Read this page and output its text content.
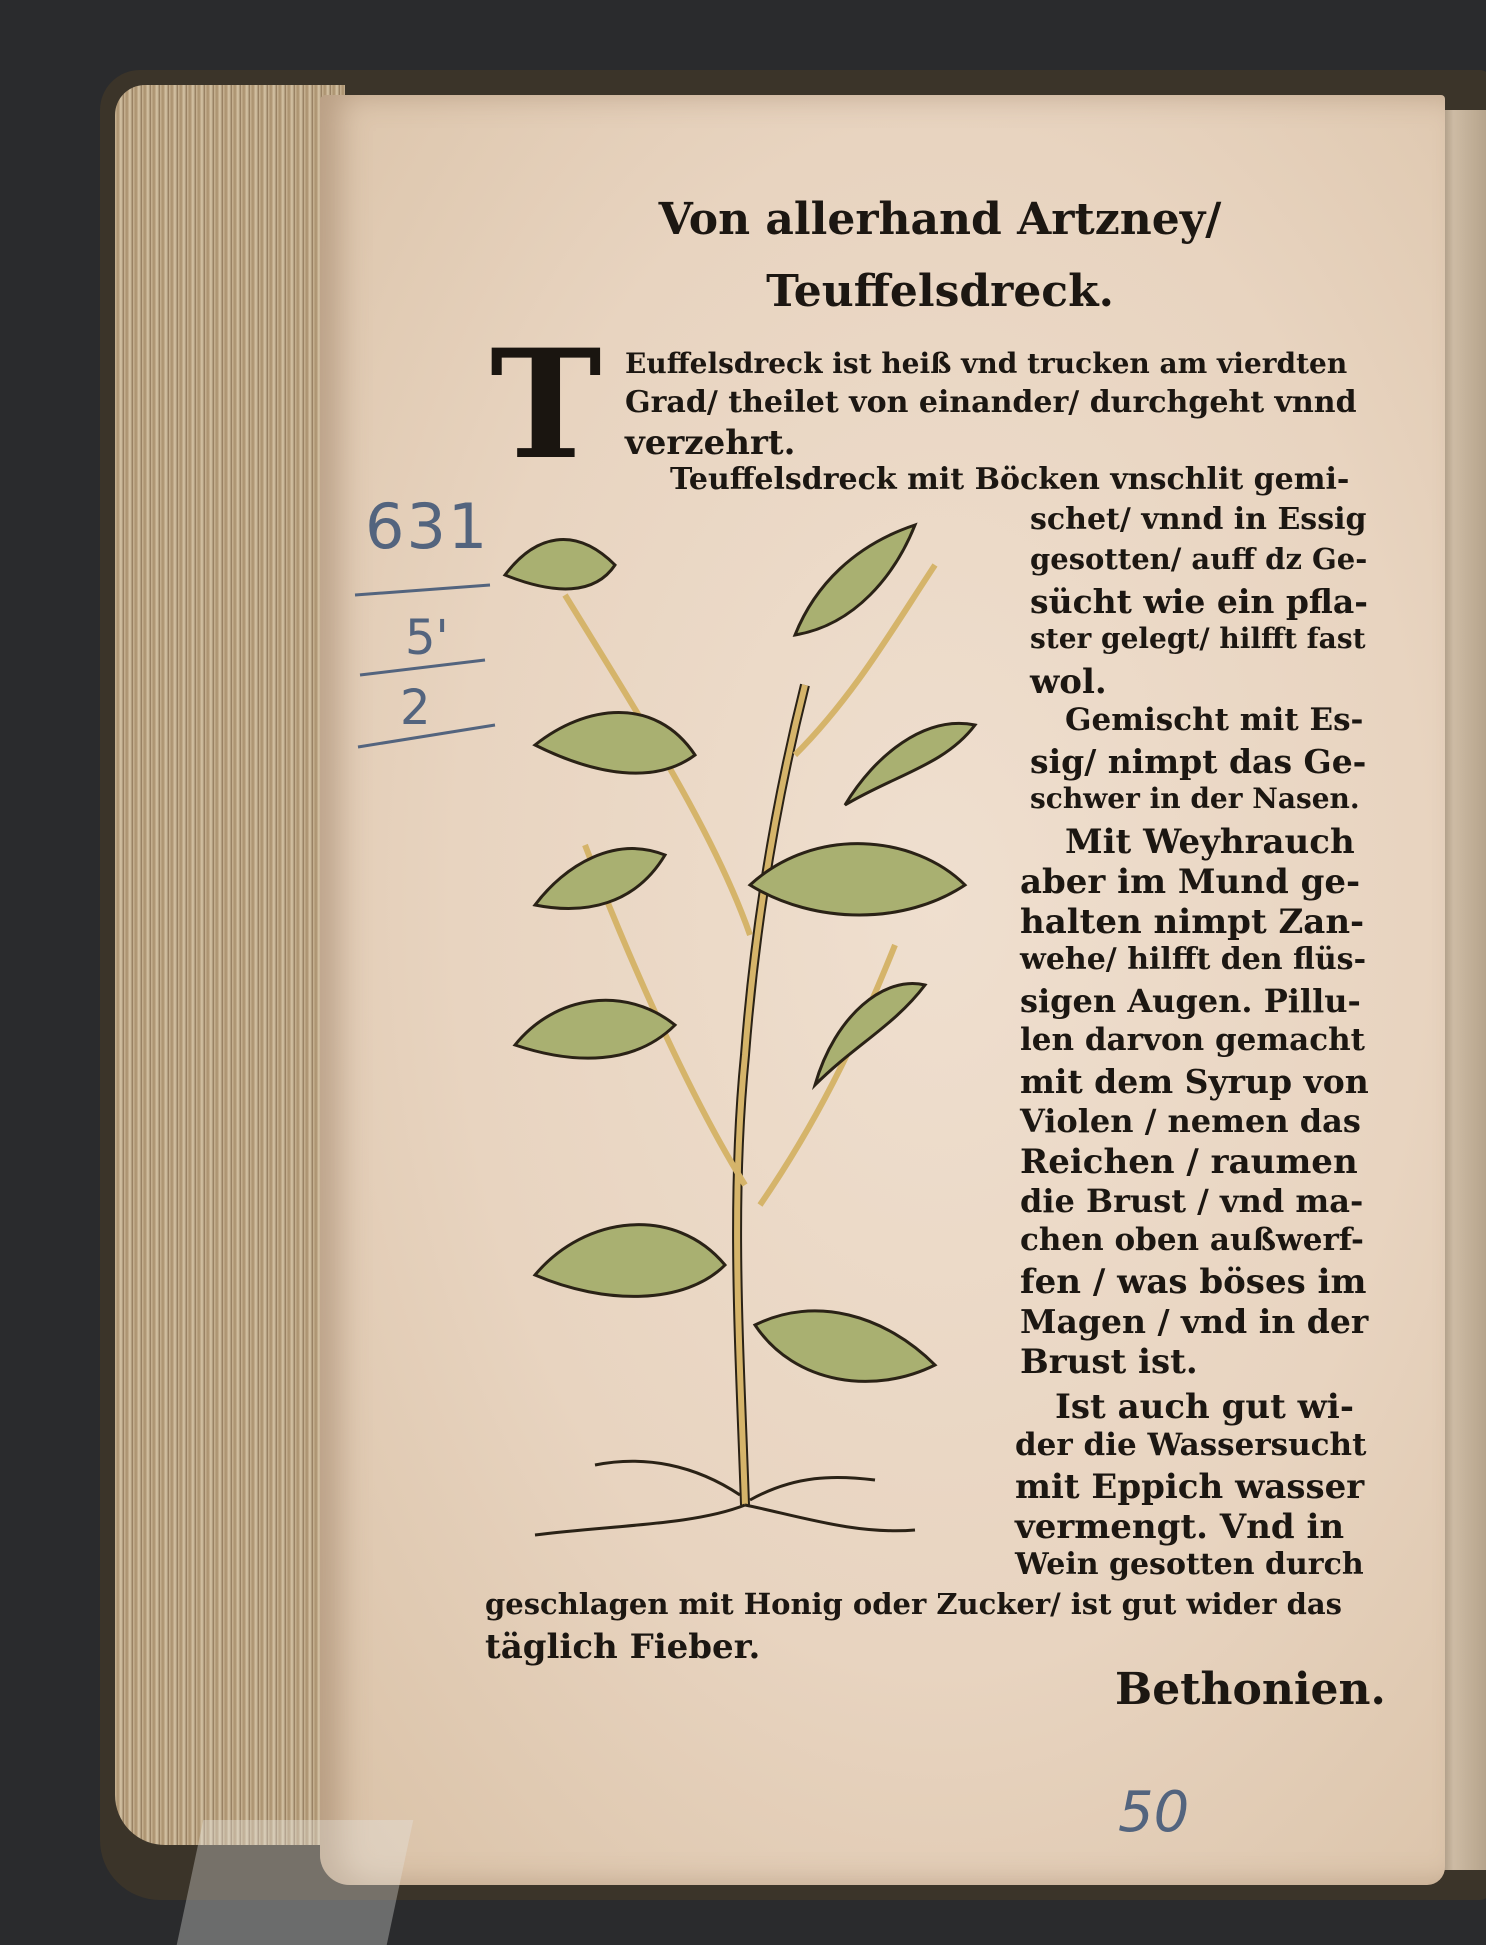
Von allerhand Artzney/
Teuffelsdreck.
T Euffelsdreck ist heiß vnd trucken am vierdten
Grad/ theilet von einander/ durchgeht vnnd
verzehrt.
Teuffelsdreck mit Böcken vnschlit gemi-
schet/ vnnd in Essig
gesotten/ auff dz Ge-
sücht wie ein pfla-
ster gelegt/ hilfft fast
wol.
Gemischt mit Es-
sig/ nimpt das Ge-
schwer in der Nasen.
Mit Weyhrauch
aber im Mund ge-
halten nimpt Zan-
wehe/ hilfft den flüs-
sigen Augen. Pillu-
len darvon gemacht
mit dem Syrup von
Violen / nemen das
Reichen / raumen
die Brust / vnd ma-
chen oben außwerf-
fen / was böses im
Magen / vnd in der
Brust ist.
Ist auch gut wi-
der die Wassersucht
mit Eppich wasser
vermengt. Vnd in
Wein gesotten durch
geschlagen mit Honig oder Zucker/ ist gut wider das
täglich Fieber.
Bethonien.
631
5'
2
50
